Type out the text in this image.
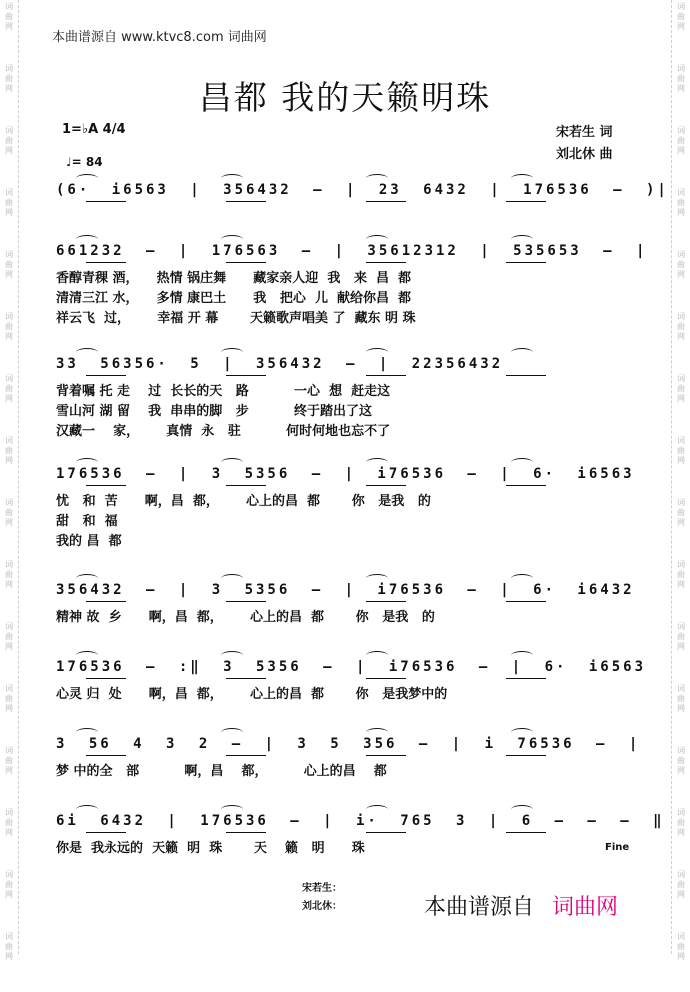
词
曲
网
词
曲
网
词
曲
网
词
曲
网
词
曲
网
词
曲
网
词
曲
网
词
曲
网
词
曲
网
词
曲
网
词
曲
网
词
曲
网
词
曲
网
词
曲
网
词
曲
网
词
曲
网
词
曲
网
词
曲
网
词
曲
网
词
曲
网
词
曲
网
词
曲
网
词
曲
网
词
曲
网
词
曲
网
词
曲
网
词
曲
网
词
曲
网
词
曲
网
词
曲
网
词
曲
网
词
曲
网
本曲谱源自 www.ktvc8.com 词曲网
昌都 我的天籁明珠
1=♭A 4/4
♩= 84
宋若生 词
刘北休 曲
(6· i6563 | 356432 – | 23 6432 | 176536 – )|
661232 – | 176563 – | 35612312 | 535653 – |
香醇青稞 酒，    热情 锅庄舞      藏家亲人迎  我   来  昌  都
清清三江 水，    多情 康巴土      我   把心  儿  献给你昌  都
祥云飞  过，      幸福 开 幕       天籁歌声唱美 了  藏东 明 珠
33 56356· 5 | 356432 – | 22356432
背着嘱 托 走    过  长长的天   路          一心  想  赶走这
雪山河 湖 留    我  串串的脚   步          终于踏出了这
汉藏一    家，      真情  永   驻          何时何地也忘不了
176536 – | 3 5356 – | i76536 – | 6· i6563
忧   和  苦      啊，昌  都，      心上的昌  都       你   是我   的
甜   和  福
我的 昌  都
356432 – | 3 5356 – | i76536 – | 6· i6432
精神 故  乡      啊，昌  都，      心上的昌  都       你   是我   的
176536 – :‖ 3 5356 – | i76536 – | 6· i6563
心灵 归  处      啊，昌  都，      心上的昌  都       你   是我梦中的
3 56 4 3 2 – | 3 5 356 – | i 76536 – |
梦 中的全   部          啊，昌    都，        心上的昌    都
6i 6432 | 176536 – | i· 765 3 | 6 – – – ‖
你是  我永远的  天籁  明  珠       天    籁   明      珠	Fine
宋若生：
刘北休：	本曲谱源自 词曲网
